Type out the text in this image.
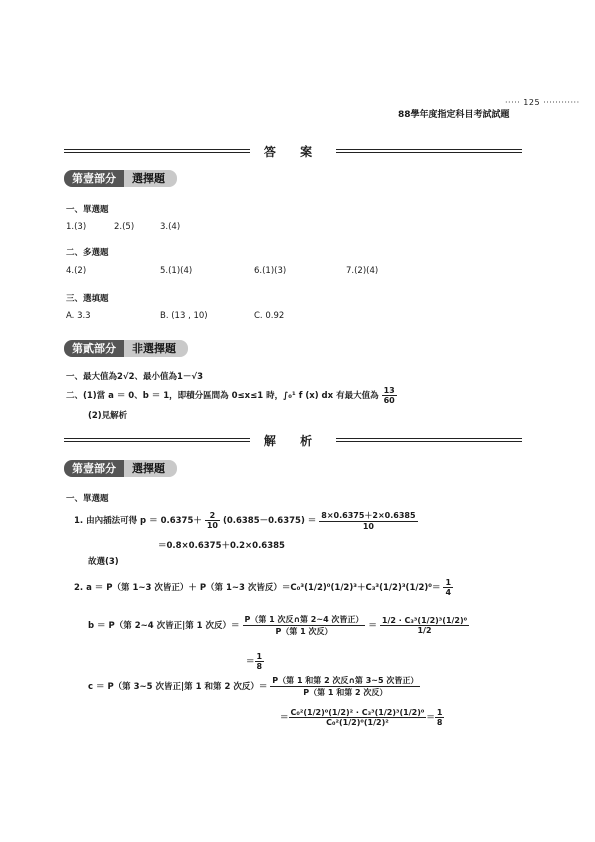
····· 125 ············
88學年度指定科目考試試題
答 案
第壹部分	選擇題
一、單選題
1.(3)	2.(5)	3.(4)
二、多選題
4.(2)	5.(1)(4)	6.(1)(3)	7.(2)(4)
三、選填題
A. 3.3	B. (13 , 10)	C. 0.92
第貳部分	非選擇題
一、最大值為2√2、最小值為1－√3
二、(1)當 a ＝ 0、b ＝ 1，即積分區間為 0≤x≤1 時，∫₀¹ f (x) dx 有最大值為 $\frac{13}{60}$
(2)見解析
解 析
第壹部分	選擇題
一、單選題
1. 由內插法可得 $p = 0.6375+ \frac{2}{10} (0.6385-0.6375) = \frac{8\times 0.6375+2\times 0.6385}{10}$
＝0.8×0.6375＋0.2×0.6385
故選(3)
2. a ＝ P（第 1~3 次皆正）＋ P（第 1~3 次皆反）$=C_0^3(1/2)^0(1/2)^3+C_3^3(1/2)^3(1/2)^0= \frac{1}{4}$
b ＝ P（第 2~4 次皆正|第 1 次反）＝ $\frac{\text{P（第 1 次反∩第 2\textasciitilde{}4 次皆正）}}{\text{P（第 1 次反）}} = \frac{\text{1/2 · C₃³(1/2)³(1/2)⁰}}{1/2}$
＝ $\frac{1}{8}$
c ＝ P（第 3~5 次皆正|第 1 和第 2 次反）＝ $\frac{\text{P（第 1 和第 2 次反∩第 3\textasciitilde{}5 次皆正）}}{\text{P（第 1 和第 2 次反）}}$
＝ $\frac{\text{C₀²(1/2)⁰(1/2)² · C₃³(1/2)³(1/2)⁰}}{\text{C₀²(1/2)⁰(1/2)²}} = \frac{1}{8}$
